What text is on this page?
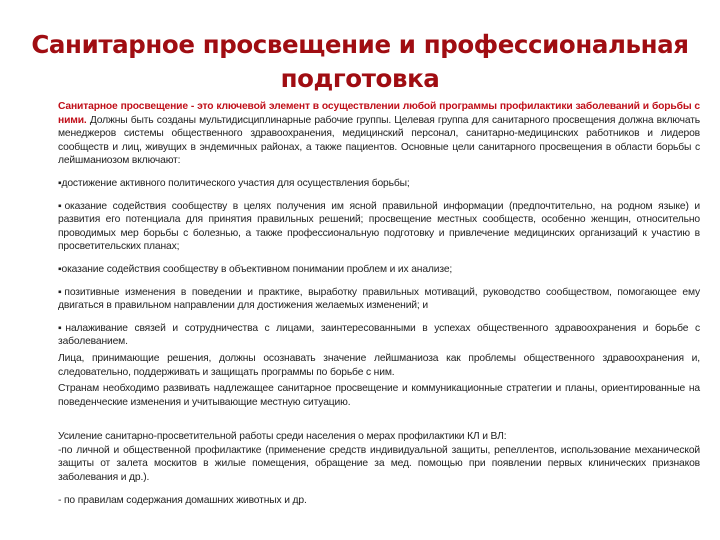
Санитарное просвещение и профессиональная
подготовка

Санитарное просвещение - это ключевой элемент в осуществлении любой программы профилактики заболеваний и борьбы с ними. Должны быть созданы мультидисциплинарные рабочие группы. Целевая группа для санитарного просвещения должна включать менеджеров системы общественного здравоохранения, медицинский персонал, санитарно-медицинских работников и лидеров сообществ и лиц, живущих в эндемичных районах, а также пациентов. Основные цели санитарного просвещения в области борьбы с лейшманиозом включают:

▪достижение активного политического участия для осуществления борьбы;

▪оказание содействия сообществу в целях получения им ясной правильной информации (предпочтительно, на родном языке) и развития его потенциала для принятия правильных решений; просвещение местных сообществ, особенно женщин, относительно проводимых мер борьбы с болезнью, а также профессиональную подготовку и привлечение медицинских организаций к участию в просветительских планах;

▪оказание содействия сообществу в объективном понимании проблем и их анализе;

▪позитивные изменения в поведении и практике, выработку правильных мотиваций, руководство сообществом, помогающее ему двигаться в правильном направлении для достижения желаемых изменений; и

▪налаживание связей и сотрудничества с лицами, заинтересованными в успехах общественного здравоохранения и борьбе с заболеванием.

Лица, принимающие решения, должны осознавать значение лейшманиоза как проблемы общественного здравоохранения и, следовательно, поддерживать и защищать программы по борьбе с ним.

Странам необходимо развивать надлежащее санитарное просвещение и коммуникационные стратегии и планы, ориентированные на поведенческие изменения и учитывающие местную ситуацию.

Усиление санитарно-просветительной работы среди населения о мерах профилактики КЛ и ВЛ:

-по личной и общественной профилактике (применение средств индивидуальной защиты, репеллентов, использование механической защиты от залета москитов в жилые помещения, обращение за мед. помощью при появлении первых клинических признаков заболевания и др.).

- по правилам содержания домашних животных и др.
